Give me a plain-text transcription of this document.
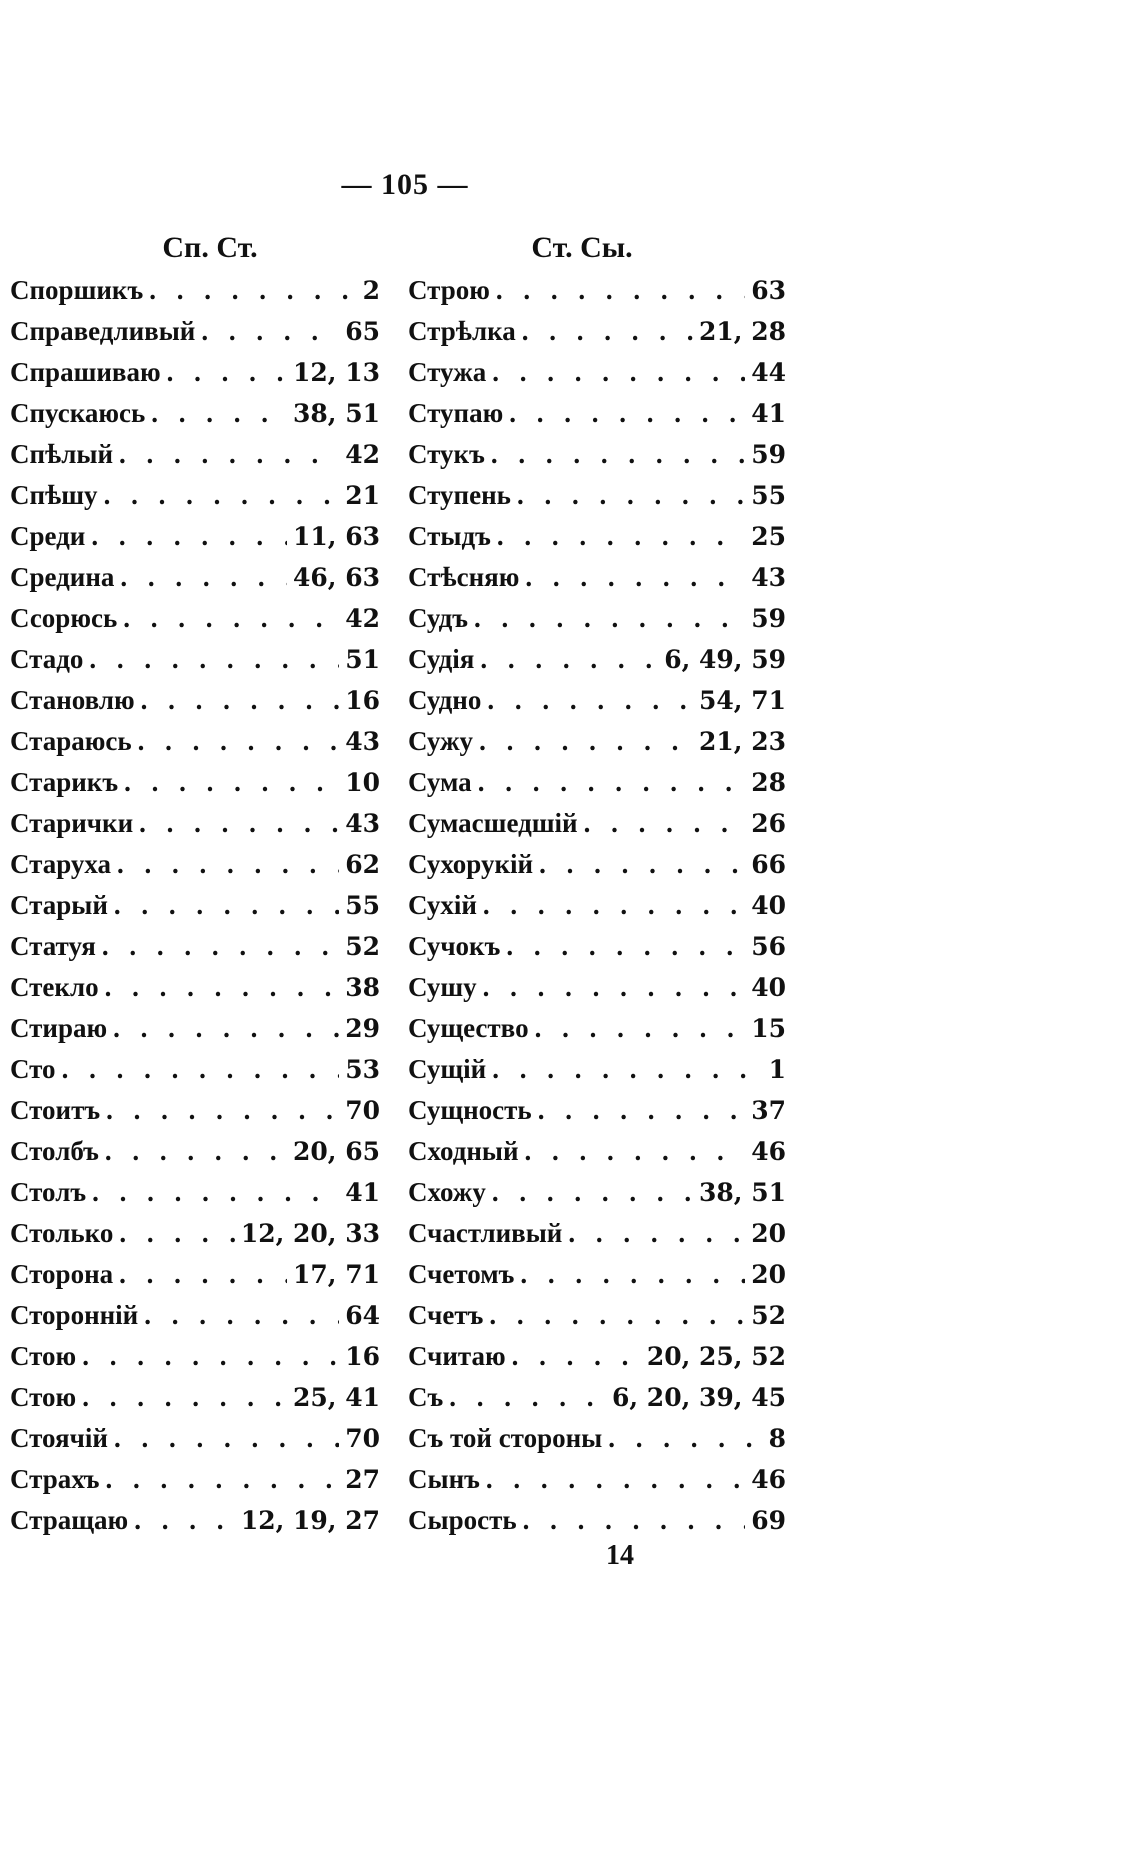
— 105 —
Сп. Ст.
Споршикъ . . .	2
Справедливый . . .	65
Спрашиваю . . .	12, 13
Спускаюсь . . .	38, 51
Спѣлый . . .	42
Спѣшу . . .	21
Среди . . .	11, 63
Средина . . .	46, 63
Ссорюсь . . .	42
Стадо . . .	51
Становлю . . .	16
Стараюсь . . .	43
Старикъ . . .	10
Старички . . .	43
Старуха . . .	62
Старый . . .	55
Статуя . . .	52
Стекло . . .	38
Стираю . . .	29
Сто . . .	53
Стоитъ . . .	70
Столбъ . . .	20, 65
Столъ . . .	41
Столько . . .	12, 20, 33
Сторона . . .	17, 71
Сторонній . . .	64
Стою . . .	16
Стою . . .	25, 41
Стоячій . . .	70
Страхъ . . .	27
Стращаю . . .	12, 19, 27
Ст. Сы.
Строю . . .	63
Стрѣлка . . .	21, 28
Стужа . . .	44
Ступаю . . .	41
Стукъ . . .	59
Ступень . . .	55
Стыдъ . . .	25
Стѣсняю . . .	43
Судъ . . .	59
Судія . . .	6, 49, 59
Судно . . .	54, 71
Сужу . . .	21, 23
Сума . . .	28
Сумасшедшій . . .	26
Сухорукій . . .	66
Сухій . . .	40
Сучокъ . . .	56
Сушу . . .	40
Существо . . .	15
Сущій . . .	1
Сущность . . .	37
Сходный . . .	46
Схожу . . .	38, 51
Счастливый . . .	20
Счетомъ . . .	20
Счетъ . . .	52
Считаю . . .	20, 25, 52
Съ . . .	6, 20, 39, 45
Съ той стороны . . .	8
Сынъ . . .	46
Сырость . . .	69
14
